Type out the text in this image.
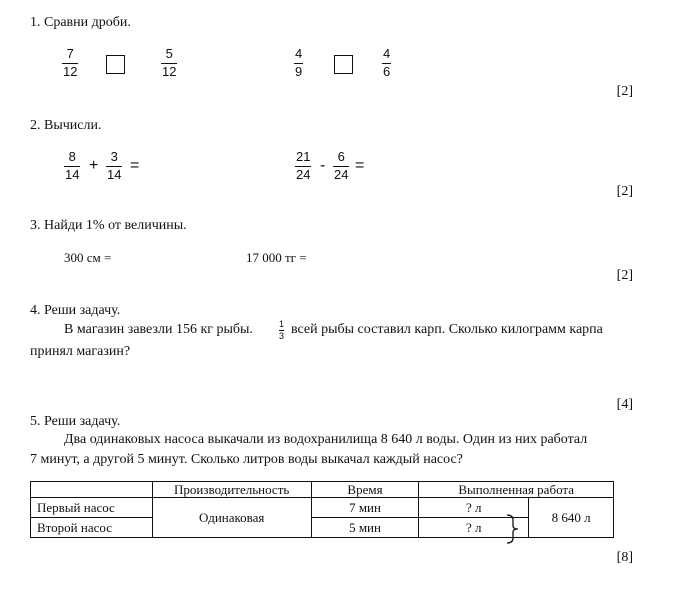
1. Сравни дроби.
7
12
5
12
4
9
4
6
[2]
2. Вычисли.
8
14
+
3
14
=
21
24
-
6
24
=
[2]
3. Найди 1% от величины.
300 см =	17 000 тг =
[2]
4. Реши задачу.
В магазин завезли 156 кг рыбы.	1
3 всей рыбы составил карп. Сколько килограмм карпа
принял магазин?
[4]
5. Реши задачу.
Два одинаковых насоса выкачали из водохранилища 8 640 л воды. Один из них работал
7 минут, а другой 5 минут. Сколько литров воды выкачал каждый насос?
	Производительность	Время	Выполненная работа	
Первый насос	Одинаковая	7 мин	? л	8 640 л
Второй насос		5 мин	? л	
[8]
